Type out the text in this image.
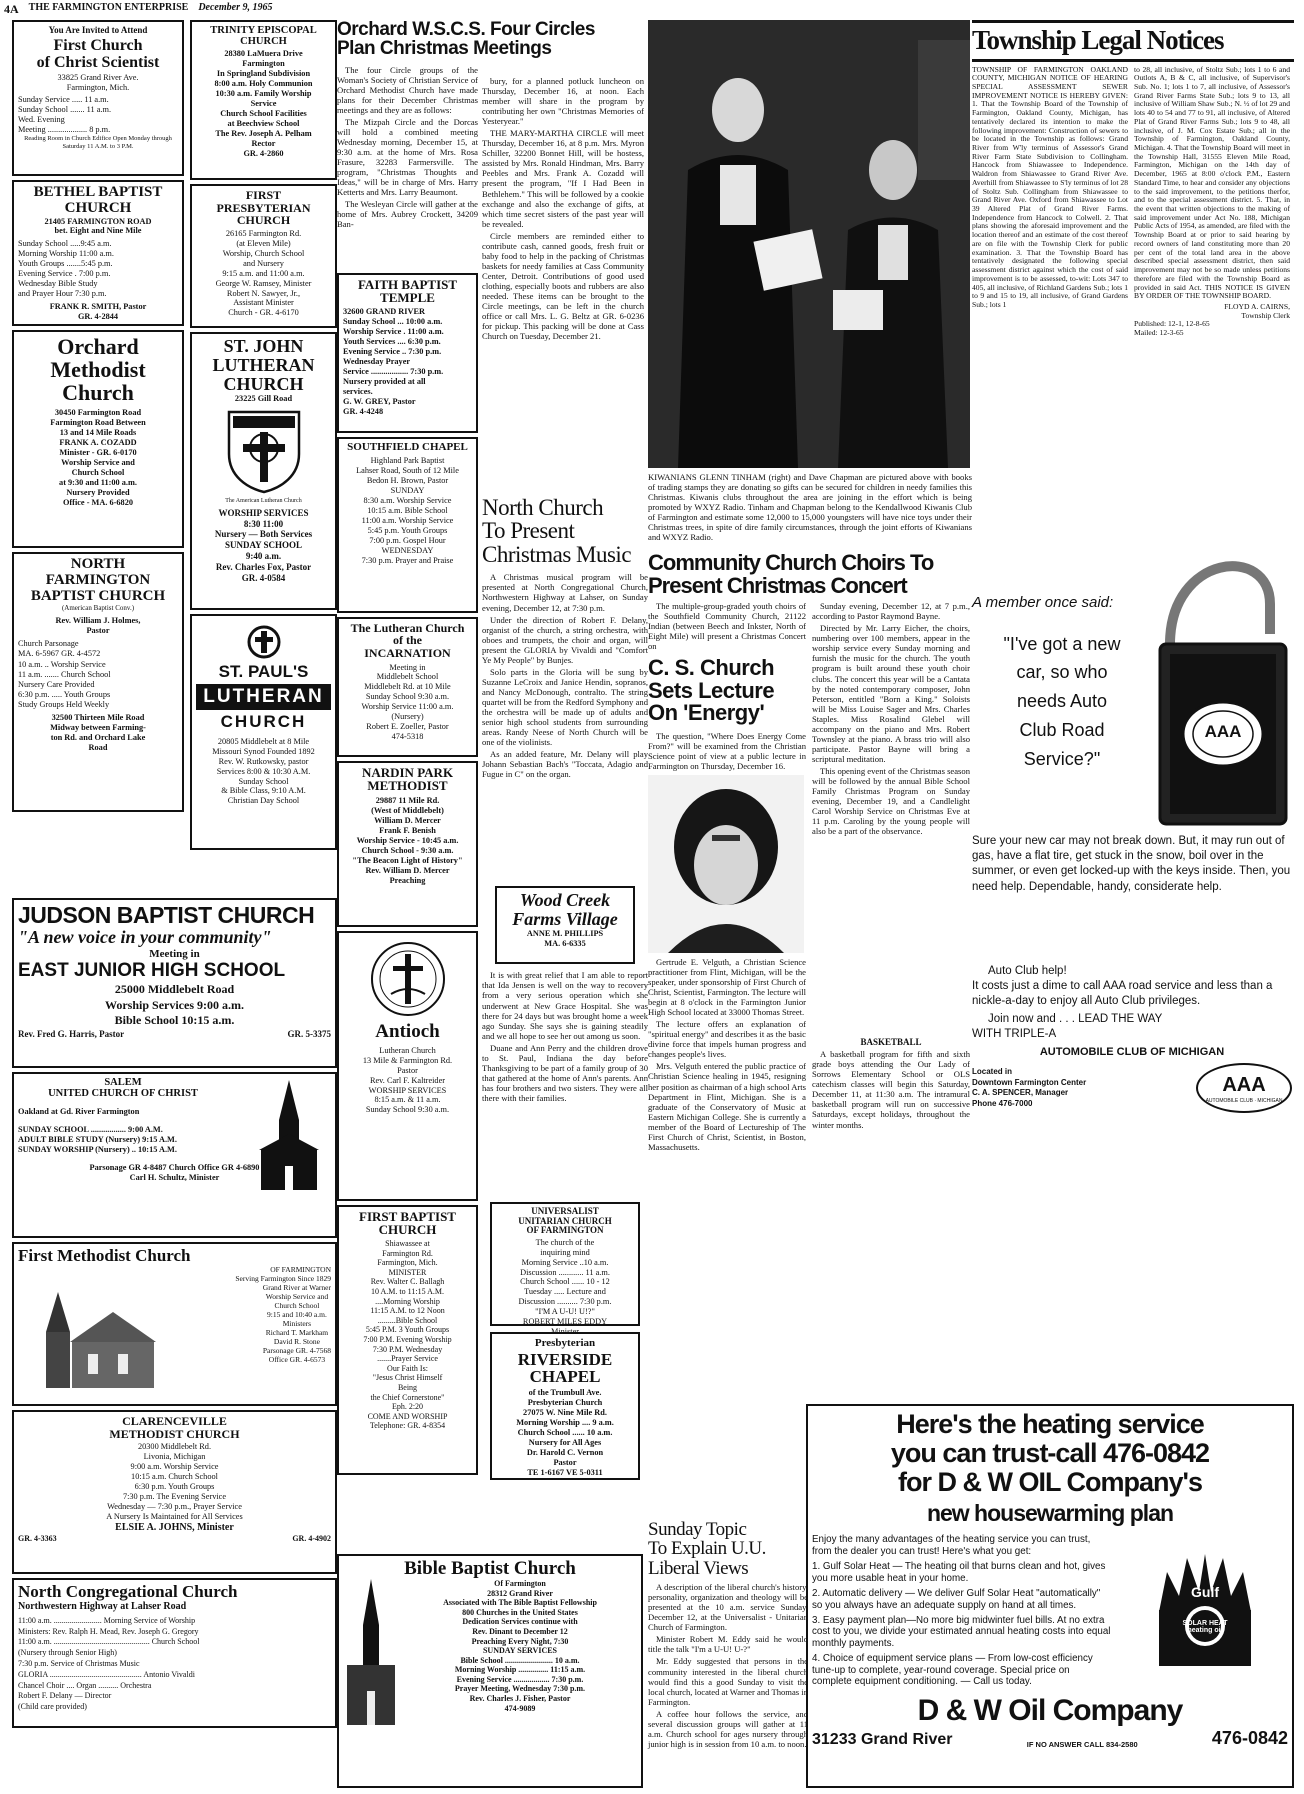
4A THE FARMINGTON ENTERPRISE December 9, 1965
You Are Invited to Attend
First Church
of Christ Scientist
33825 Grand River Ave.
Farmington, Mich.
Sunday Service ..... 11 a.m.
Sunday School ....... 11 a.m.
Wed. Evening
Meeting ................... 8 p.m.
Reading Room in Church Edifice Open Monday through Saturday 11 A.M. to 3 P.M.
BETHEL BAPTIST
CHURCH
21405 FARMINGTON ROAD
bet. Eight and Nine Mile
Sunday School .....9:45 a.m.
Morning Worship 11:00 a.m.
Youth Groups .......5:45 p.m.
Evening Service . 7:00 p.m.
Wednesday Bible Study
and Prayer Hour 7:30 p.m.
FRANK R. SMITH, Pastor
GR. 4-2844
Orchard
Methodist
Church
30450 Farmington Road
Farmington Road Between
13 and 14 Mile Roads
FRANK A. COZADD
Minister - GR. 6-0170
Worship Service and
Church School
at 9:30 and 11:00 a.m.
Nursery Provided
Office - MA. 6-6820
NORTH
FARMINGTON
BAPTIST CHURCH
(American Baptist Conv.)
Rev. William J. Holmes,
Pastor
Church Parsonage
MA. 6-5967 GR. 4-4572
10 a.m. .. Worship Service
11 a.m. ....... Church School
Nursery Care Provided
6:30 p.m. ..... Youth Groups
Study Groups Held Weekly
32500 Thirteen Mile Road
Midway between Farming-
ton Rd. and Orchard Lake
Road
TRINITY EPISCOPAL
CHURCH
28380 LaMuera Drive
Farmington
In Springland Subdivision
8:00 a.m. Holy Communion
10:30 a.m. Family Worship
Service
Church School Facilities
at Beechview School
The Rev. Joseph A. Pelham
Rector
GR. 4-2860
FIRST
PRESBYTERIAN
CHURCH
26165 Farmington Rd.
(at Eleven Mile)
Worship, Church School
and Nursery
9:15 a.m. and 11:00 a.m.
George W. Ramsey, Minister
Robert N. Sawyer, Jr.,
Assistant Minister
Church - GR. 4-6170
ST. JOHN
LUTHERAN
CHURCH
23225 Gill Road
The American Lutheran Church
WORSHIP SERVICES
8:30 11:00
Nursery — Both Services
SUNDAY SCHOOL
9:40 a.m.
Rev. Charles Fox, Pastor
GR. 4-0584
ST. PAUL'S
LUTHERAN
CHURCH
20805 Middlebelt at 8 Mile
Missouri Synod Founded 1892
Rev. W. Rutkowsky, pastor
Services 8:00 & 10:30 A.M.
Sunday School
& Bible Class, 9:10 A.M.
Christian Day School
Orchard W.S.C.S. Four Circles
Plan Christmas Meetings

The four Circle groups of the Woman's Society of Christian Service of Orchard Methodist Church have made plans for their December Christmas meetings and they are as follows:

The Mizpah Circle and the Dorcas will hold a combined meeting Wednesday morning, December 15, at 9:30 a.m. at the home of Mrs. Rosa Frasure, 32283 Farmersville. The program, "Christmas Thoughts and Ideas," will be in charge of Mrs. Harry Ketterts and Mrs. Larry Beaumont.

The Wesleyan Circle will gather at the home of Mrs. Aubrey Crockett, 34209 Ban-

FAITH BAPTIST
TEMPLE
32600 GRAND RIVER
Sunday School ... 10:00 a.m.
Worship Service . 11:00 a.m.
Youth Services .... 6:30 p.m.
Evening Service .. 7:30 p.m.
Wednesday Prayer
Service .................. 7:30 p.m.
Nursery provided at all
services.
G. W. GREY, Pastor
GR. 4-4248
SOUTHFIELD CHAPEL
Highland Park Baptist
Lahser Road, South of 12 Mile
Bedon H. Brown, Pastor
SUNDAY
8:30 a.m. Worship Service
10:15 a.m. Bible School
11:00 a.m. Worship Service
5:45 p.m. Youth Groups
7:00 p.m. Gospel Hour
WEDNESDAY
7:30 p.m. Prayer and Praise
The Lutheran Church
of the
INCARNATION
Meeting in
Middlebelt School
Middlebelt Rd. at 10 Mile
Sunday School 9:30 a.m.
Worship Service 11:00 a.m.
(Nursery)
Robert E. Zoeller, Pastor
474-5318
NARDIN PARK
METHODIST
29887 11 Mile Rd.
(West of Middlebelt)
William D. Mercer
Frank F. Benish
Worship Service - 10:45 a.m.
Church School - 9:30 a.m.
"The Beacon Light of History"
Rev. William D. Mercer
Preaching
Antioch
Lutheran Church
13 Mile & Farmington Rd.
Pastor
Rev. Carl F. Kaltreider
WORSHIP SERVICES
8:15 a.m. & 11 a.m.
Sunday School 9:30 a.m.
FIRST BAPTIST
CHURCH
Shiawassee at
Farmington Rd.
Farmington, Mich.
MINISTER
Rev. Walter C. Ballagh
10 A.M. to 11:15 A.M.
....Morning Worship
11:15 A.M. to 12 Noon
.........Bible School
5:45 P.M. 3 Youth Groups
7:00 P.M. Evening Worship
7:30 P.M. Wednesday
.......Prayer Service
Our Faith Is:
"Jesus Christ Himself
Being
the Chief Cornerstone"
Eph. 2:20
COME AND WORSHIP
Telephone: GR. 4-8354

bury, for a planned potluck luncheon on Thursday, December 16, at noon. Each member will share in the program by contributing her own "Christmas Memories of Yesteryear."

THE MARY-MARTHA CIRCLE will meet Thursday, December 16, at 8 p.m. Mrs. Myron Schiller, 32200 Bonnet Hill, will be hostess, assisted by Mrs. Ronald Hindman, Mrs. Barry Peebles and Mrs. Frank A. Cozadd will present the program, "If I Had Been in Bethlehem." This will be followed by a cookie exchange and also the exchange of gifts, at which time secret sisters of the past year will be revealed.

Circle members are reminded either to contribute cash, canned goods, fresh fruit or baby food to help in the packing of Christmas baskets for needy families at Cass Community Center, Detroit. Contributions of good used clothing, especially boots and rubbers are also needed. These items can be brought to the Circle meetings, can be left in the church office or call Mrs. L. G. Beltz at GR. 6-0236 for pickup. This packing will be done at Cass Church on Tuesday, December 21.

North Church
To Present
Christmas Music

A Christmas musical program will be presented at North Congregational Church, Northwestern Highway at Lahser, on Sunday evening, December 12, at 7:30 p.m.

Under the direction of Robert F. Delany, organist of the church, a string orchestra, with oboes and trumpets, the choir and organ, will present the GLORIA by Vivaldi and "Comfort Ye My People" by Bunjes.

Solo parts in the Gloria will be sung by Suzanne LeCroix and Janice Hendin, sopranos, and Nancy McDonough, contralto. The string quartet will be from the Redford Symphony and the orchestra will be made up of adults and senior high school students from surrounding areas. Randy Neese of North Church will be one of the violinists.

As an added feature, Mr. Delany will play Johann Sebastian Bach's "Toccata, Adagio and Fugue in C" on the organ.

Wood Creek
Farms Village
ANNE M. PHILLIPS
MA. 6-6335

It is with great relief that I am able to report that Ida Jensen is well on the way to recovery from a very serious operation which she underwent at New Grace Hospital. She was there for 24 days but was brought home a week ago Sunday. She says she is gaining steadily and we all hope to see her out among us soon.

Duane and Ann Perry and the children drove to St. Paul, Indiana the day before Thanksgiving to be part of a family group of 30 that gathered at the home of Ann's parents. Ann has four brothers and two sisters. They were all there with their families.

UNIVERSALIST
UNITARIAN CHURCH
OF FARMINGTON
The church of the
inquiring mind
Morning Service ..10 a.m.
Discussion ............ 11 a.m.
Church School ...... 10 - 12
Tuesday ..... Lecture and
Discussion .......... 7:30 p.m.
"I'M A U-U! U!?"
ROBERT MILES EDDY
Minister
Presbyterian
RIVERSIDE
CHAPEL
of the Trumbull Ave.
Presbyterian Church
27075 W. Nine Mile Rd.
Morning Worship .... 9 a.m.
Church School ...... 10 a.m.
Nursery for All Ages
Dr. Harold C. Vernon
Pastor
TE 1-6167 VE 5-0311
KIWANIANS GLENN TINHAM (right) and Dave Chapman are pictured above with books of trading stamps they are donating so gifts can be secured for children in needy families this Christmas. Kiwanis clubs throughout the area are joining in the effort which is being promoted by WXYZ Radio. Tinham and Chapman belong to the Kendallwood Kiwanis Club of Farmington and estimate some 12,000 to 15,000 youngsters will have nice toys under their Christmas trees, in spite of dire family circumstances, through the joint efforts of Kiwanians and WXYZ Radio.
Community Church Choirs To
Present Christmas Concert

The multiple-group-graded youth choirs of the Southfield Community Church, 21122 Indian (between Beech and Inkster, North of Eight Mile) will present a Christmas Concert on

C. S. Church
Sets Lecture
On 'Energy'

The question, "Where Does Energy Come From?" will be examined from the Christian Science point of view at a public lecture in Farmington on Thursday, December 16.

Gertrude E. Velguth, a Christian Science practitioner from Flint, Michigan, will be the speaker, under sponsorship of First Church of Christ, Scientist, Farmington. The lecture will begin at 8 o'clock in the Farmington Junior High School located at 33000 Thomas Street.

The lecture offers an explanation of "spiritual energy" and describes it as the basic divine force that impels human progress and changes people's lives.

Mrs. Velguth entered the public practice of Christian Science healing in 1945, resigning her position as chairman of a high school Arts Department in Flint, Michigan. She is a graduate of the Conservatory of Music at Eastern Michigan College. She is currently a member of the Board of Lectureship of The First Church of Christ, Scientist, in Boston, Massachusetts.

Sunday evening, December 12, at 7 p.m., according to Pastor Raymond Bayne.

Directed by Mr. Larry Eicher, the choirs, numbering over 100 members, appear in the worship service every Sunday morning and furnish the music for the church. The youth program is built around these youth choir clubs. The concert this year will be a Cantata by the noted contemporary composer, John Peterson, entitled "Born a King." Soloists will be Miss Louise Sager and Mrs. Charles Staples. Miss Rosalind Glebel will accompany on the piano and Mrs. Robert Townsley at the piano. A brass trio will also participate. Pastor Bayne will bring a scriptural meditation.

This opening event of the Christmas season will be followed by the annual Bible School Family Christmas Program on Sunday evening, December 19, and a Candlelight Carol Worship Service on Christmas Eve at 11 p.m. Caroling by the young people will also be a part of the observance.

BASKETBALL

A basketball program for fifth and sixth grade boys attending the Our Lady of Sorrows Elementary School or OLS catechism classes will begin this Saturday, December 11, at 11:30 a.m. The intramural basketball program will run on successive Saturdays, except holidays, throughout the winter months.

Sunday Topic
To Explain U.U.
Liberal Views

A description of the liberal church's history, personality, organization and theology will be presented at the 10 a.m. service Sunday, December 12, at the Universalist - Unitarian Church of Farmington.

Minister Robert M. Eddy said he would title the talk "I'm a U-U! U-?"

Mr. Eddy suggested that persons in the community interested in the liberal church would find this a good Sunday to visit the local church, located at Warner and Thomas in Farmington.

A coffee hour follows the service, and several discussion groups will gather at 11 a.m. Church school for ages nursery through junior high is in session from 10 a.m. to noon.

Township Legal Notices
TOWNSHIP OF FARMINGTON OAKLAND COUNTY, MICHIGAN NOTICE OF HEARING SPECIAL ASSESSMENT SEWER IMPROVEMENT NOTICE IS HEREBY GIVEN: 1. That the Township Board of the Township of Farmington, Oakland County, Michigan, has tentatively declared its intention to make the following improvement: Construction of sewers to be located in the Township as follows: Grand River from W'ly terminus of Assessor's Grand River Farm State Subdivision to Collingham. Hancock from Shiawassee to Independence. Waldron from Shiawassee to Grand River Ave. Averhill from Shiawassee to S'ly terminus of lot 28 of Stoltz Sub. Collingham from Shiawassee to Grand River Ave. Oxford from Shiawassee to Lot 39 Altered Plat of Grand River Farms. Independence from Hancock to Colwell. 2. That plans showing the aforesaid improvement and the location thereof and an estimate of the cost thereof are on file with the Township Clerk for public examination. 3. That the Township Board has tentatively designated the following special assessment district against which the cost of said improvement is to be assessed, to-wit: Lots 347 to 405, all inclusive, of Richland Gardens Sub.; lots 1 to 9 and 15 to 19, all inclusive, of Grand Gardens Sub.; lots 1
to 28, all inclusive, of Stoltz Sub.; lots 1 to 6 and Outlots A, B & C, all inclusive, of Supervisor's Sub. No. 1; lots 1 to 7, all inclusive, of Assessor's Grand River Farms State Sub.; lots 9 to 13, all inclusive of William Shaw Sub.; N. ½ of lot 29 and lots 40 to 54 and 77 to 91, all inclusive, of Altered Plat of Grand River Farms Sub.; lots 9 to 48, all inclusive, of J. M. Cox Estate Sub.; all in the Township of Farmington, Oakland County, Michigan. 4. That the Township Board will meet in the Township Hall, 31555 Eleven Mile Road, Farmington, Michigan on the 14th day of December, 1965 at 8:00 o'clock P.M., Eastern Standard Time, to hear and consider any objections to the said improvement, to the petitions therfor, and to the special assessment district. 5. That, in the event that written objections to the making of said improvement under Act No. 188, Michigan Public Acts of 1954, as amended, are filed with the Township Board at or prior to said hearing by record owners of land constituting more than 20 per cent of the total land area in the above described special assessment district, then said improvement may not be so made unless petitions therefore are filed with the Township Board as provided in said Act. THIS NOTICE IS GIVEN BY ORDER OF THE TOWNSHIP BOARD.
FLOYD A. CAIRNS,
Township Clerk
Published: 12-1, 12-8-65
Mailed: 12-3-65
A member once said:
"I've got a new
car, so who
needs Auto
Club Road
Service?"
AAA
Sure your new car may not break down. But, it may run out of gas, have a flat tire, get stuck in the snow, boil over in the summer, or even get locked-up with the keys inside. Then, you need help. Dependable, handy, considerate help.
Auto Club help!
It costs just a dime to call AAA road service and less than a nickle-a-day to enjoy all Auto Club privileges.
Join now and . . . LEAD THE WAY
WITH TRIPLE-A
AUTOMOBILE CLUB OF MICHIGAN
Located in
Downtown Farmington Center
C. A. SPENCER, Manager
Phone 476-7000
AAA
AUTOMOBILE CLUB · MICHIGAN
JUDSON BAPTIST CHURCH
"A new voice in your community"
Meeting in
EAST JUNIOR HIGH SCHOOL
25000 Middlebelt Road
Worship Services 9:00 a.m.
Bible School 10:15 a.m.
Rev. Fred G. Harris, Pastor	GR. 5-3375
SALEM
UNITED CHURCH OF CHRIST
Oakland at Gd. River Farmington
SUNDAY SCHOOL ................. 9:00 A.M.
ADULT BIBLE STUDY (Nursery) 9:15 A.M.
SUNDAY WORSHIP (Nursery) .. 10:15 A.M.
Parsonage GR 4-8487 Church Office GR 4-6890
Carl H. Schultz, Minister
First Methodist Church
OF FARMINGTON
Serving Farmington Since 1829
Grand River at Warner
Worship Service and
Church School
9:15 and 10:40 a.m.
Ministers
Richard T. Markham
David R. Stone
Parsonage GR. 4-7568
Office GR. 4-6573
CLARENCEVILLE
METHODIST CHURCH
20300 Middlebelt Rd.
Livonia, Michigan
9:00 a.m. Worship Service
10:15 a.m. Church School
6:30 p.m. Youth Groups
7:30 p.m. The Evening Service
Wednesday — 7:30 p.m., Prayer Service
A Nursery Is Maintained for All Services
ELSIE A. JOHNS, Minister
GR. 4-3363	GR. 4-4902
North Congregational Church
Northwestern Highway at Lahser Road
11:00 a.m. ........................ Morning Service of Worship
Ministers: Rev. Ralph H. Mead, Rev. Joseph G. Gregory
11:00 a.m. ................................................ Church School
(Nursery through Senior High)
7:30 p.m. Service of Christmas Music
GLORIA .............................................. Antonio Vivaldi
Chancel Choir .... Organ .......... Orchestra
Robert F. Delany — Director
(Child care provided)
Bible Baptist Church
Of Farmington
28312 Grand River
Associated with The Bible Baptist Fellowship
800 Churches in the United States
Dedication Services continue with
Rev. Dinant to December 12
Preaching Every Night, 7:30
SUNDAY SERVICES
Bible School ........................ 10 a.m.
Morning Worship ............... 11:15 a.m.
Evening Service .................. 7:30 p.m.
Prayer Meeting, Wednesday 7:30 p.m.
Rev. Charles J. Fisher, Pastor
474-9089
Here's the heating service
you can trust-call 476-0842
for D & W OIL Company's
new housewarming plan
Enjoy the many advantages of the heating service you can trust, from the dealer you can trust! Here's what you get:
1. Gulf Solar Heat — The heating oil that burns clean and hot, gives you more usable heat in your home.
2. Automatic delivery — We deliver Gulf Solar Heat "automatically" so you always have an adequate supply on hand at all times.
3. Easy payment plan—No more big midwinter fuel bills. At no extra cost to you, we divide your estimated annual heating costs into equal monthly payments.
4. Choice of equipment service plans — From low-cost efficiency tune-up to complete, year-round coverage. Special price on complete equipment conditioning. — Call us today.
Gulf
SOLAR HEAT
heating oil
D & W Oil Company
31233 Grand River	IF NO ANSWER CALL 834-2580	476-0842
